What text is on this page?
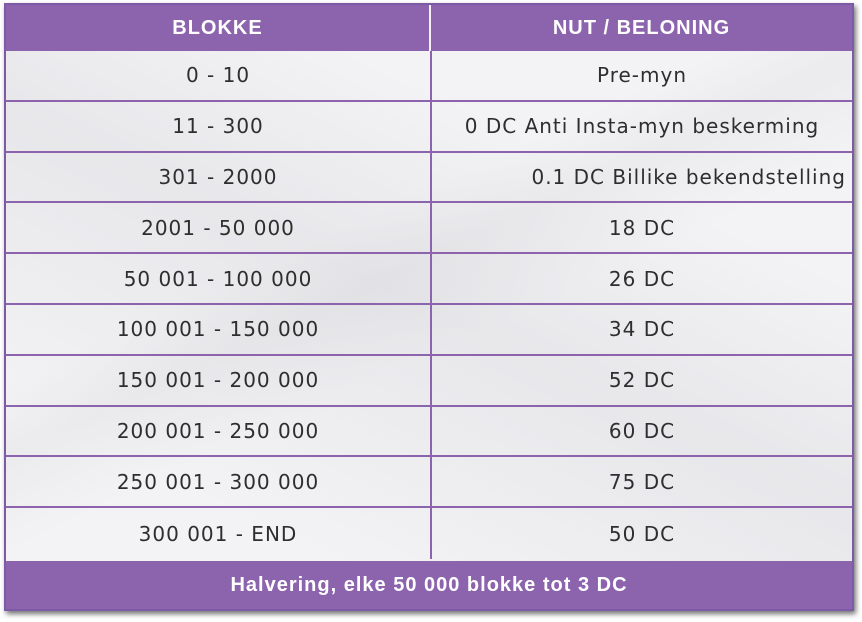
BLOKKE	NUT / BELONING
0 - 10	Pre-myn
11 - 300	0 DC Anti Insta-myn beskerming
301 - 2000	0.1 DC Billike bekendstelling
2001 - 50 000	18 DC
50 001 - 100 000	26 DC
100 001 - 150 000	34 DC
150 001 - 200 000	52 DC
200 001 - 250 000	60 DC
250 001 - 300 000	75 DC
300 001 - END	50 DC
Halvering, elke 50 000 blokke tot 3 DC
